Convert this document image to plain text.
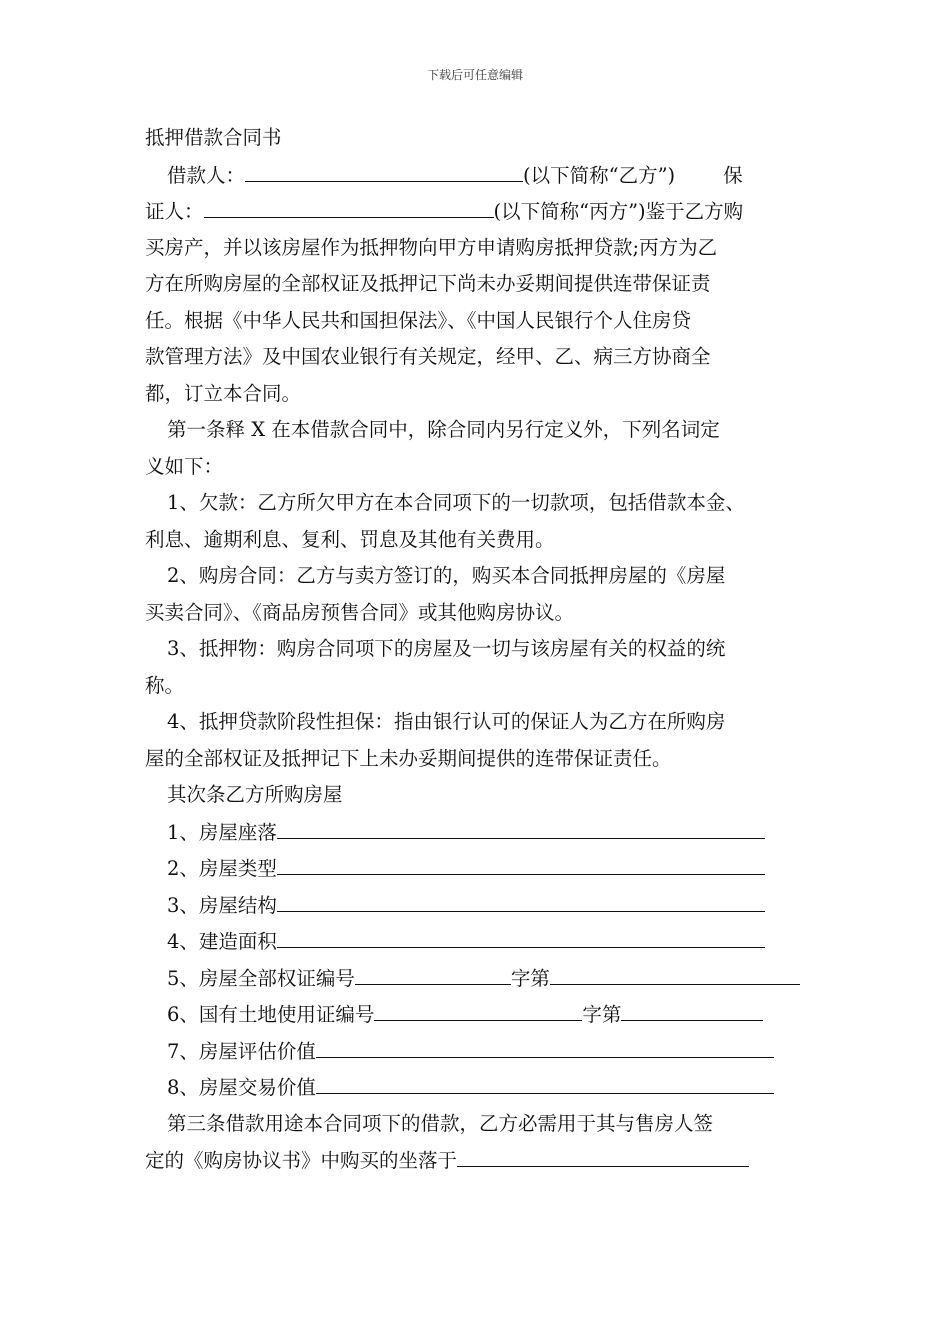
下载后可任意编辑
抵押借款合同书
借款人：	(以下简称“乙方”) 保
证人：	(以下简称“丙方”)鉴于乙方购
买房产，并以该房屋作为抵押物向甲方申请购房抵押贷款;丙方为乙
方在所购房屋的全部权证及抵押记下尚未办妥期间提供连带保证责
任。根据《中华人民共和国担保法》、《中国人民银行个人住房贷
款管理方法》及中国农业银行有关规定，经甲、乙、病三方协商全
都，订立本合同。
第一条释 X 在本借款合同中，除合同内另行定义外，下列名词定
义如下：
1、欠款：乙方所欠甲方在本合同项下的一切款项，包括借款本金、
利息、逾期利息、复利、罚息及其他有关费用。
2、购房合同：乙方与卖方签订的，购买本合同抵押房屋的《房屋
买卖合同》、《商品房预售合同》或其他购房协议。
3、抵押物：购房合同项下的房屋及一切与该房屋有关的权益的统
称。
4、抵押贷款阶段性担保：指由银行认可的保证人为乙方在所购房
屋的全部权证及抵押记下上未办妥期间提供的连带保证责任。
其次条乙方所购房屋
1、房屋座落
2、房屋类型
3、房屋结构
4、建造面积
5、房屋全部权证编号	字第
6、国有土地使用证编号	字第
7、房屋评估价值
8、房屋交易价值
第三条借款用途本合同项下的借款，乙方必需用于其与售房人签
定的《购房协议书》中购买的坐落于
